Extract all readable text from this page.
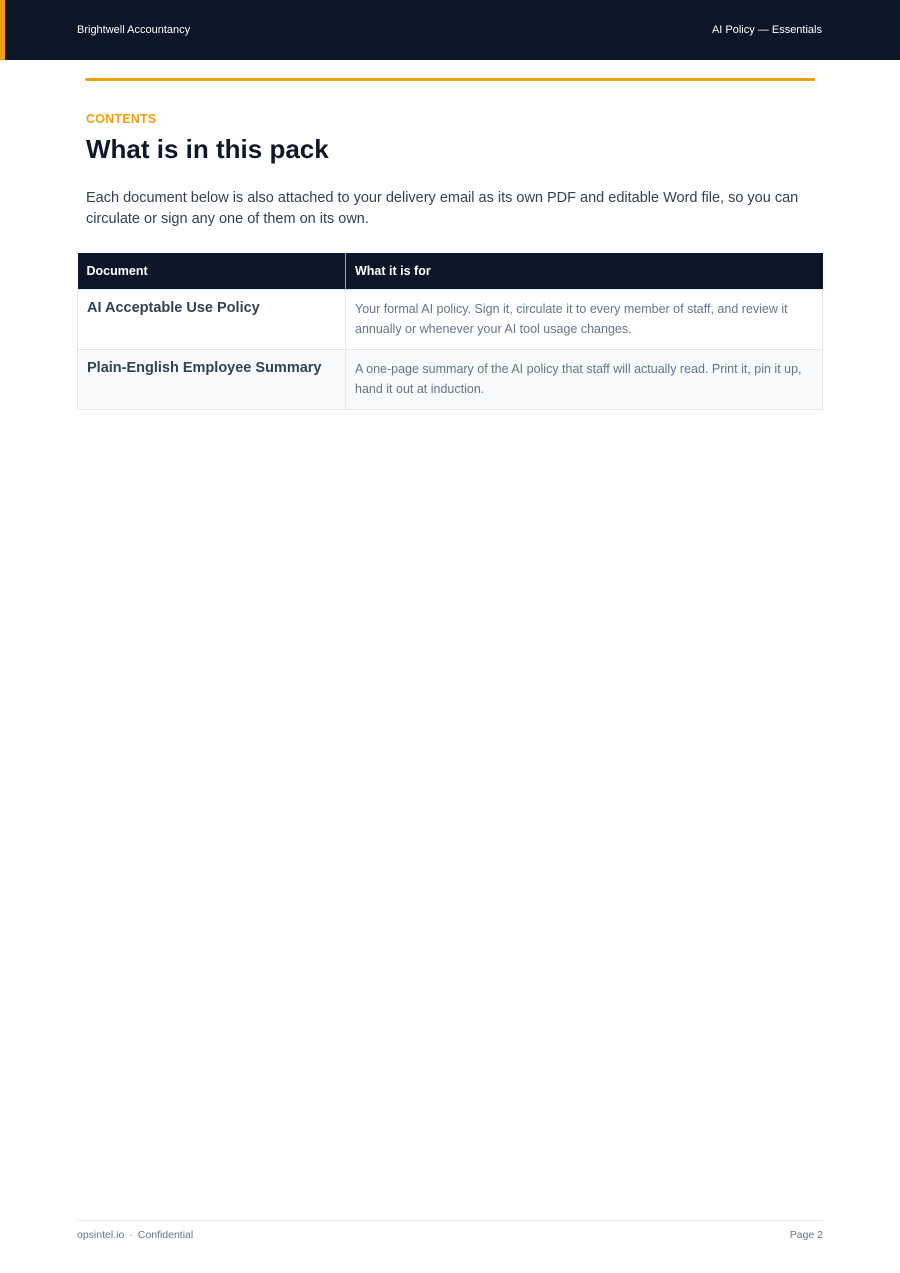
Brightwell Accountancy	AI Policy — Essentials
CONTENTS
What is in this pack

Each document below is also attached to your delivery email as its own PDF and editable Word file, so you can circulate or sign any one of them on its own.

Document	What it is for

AI Acceptable Use Policy	Your formal AI policy. Sign it, circulate it to every member of staff, and review it annually or whenever your AI tool usage changes.

Plain-English Employee Summary	A one-page summary of the AI policy that staff will actually read. Print it, pin it up, hand it out at induction.
opsintel.io · Confidential	Page 2
